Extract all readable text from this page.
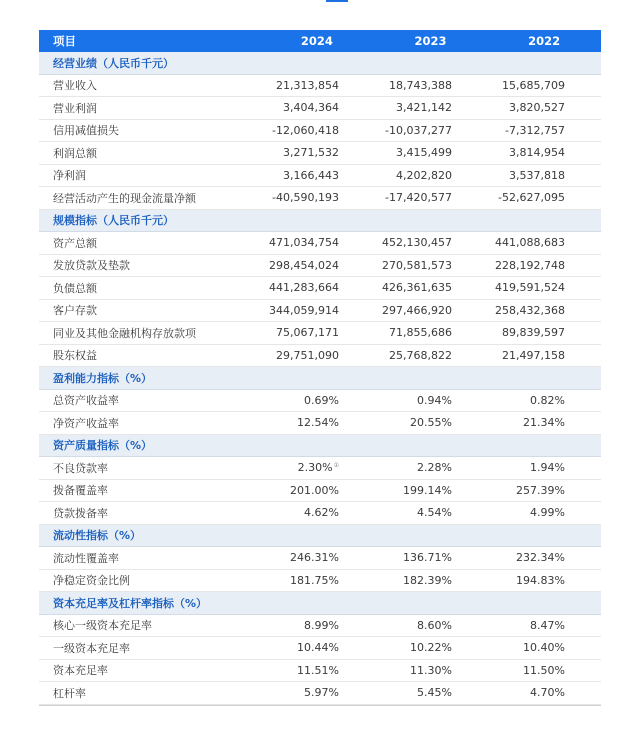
项目	2024	2023	2022
经营业绩（人民币千元）
营业收入	21,313,854	18,743,388	15,685,709
营业利润	3,404,364	3,421,142	3,820,527
信用减值损失	-12,060,418	-10,037,277	-7,312,757
利润总额	3,271,532	3,415,499	3,814,954
净利润	3,166,443	4,202,820	3,537,818
经营活动产生的现金流量净额	-40,590,193	-17,420,577	-52,627,095
规模指标（人民币千元）
资产总额	471,034,754	452,130,457	441,088,683
发放贷款及垫款	298,454,024	270,581,573	228,192,748
负债总额	441,283,664	426,361,635	419,591,524
客户存款	344,059,914	297,466,920	258,432,368
同业及其他金融机构存放款项	75,067,171	71,855,686	89,839,597
股东权益	29,751,090	25,768,822	21,497,158
盈利能力指标（%）
总资产收益率	0.69%	0.94%	0.82%
净资产收益率	12.54%	20.55%	21.34%
资产质量指标（%）
不良贷款率	2.30%①	2.28%	1.94%
拨备覆盖率	201.00%	199.14%	257.39%
贷款拨备率	4.62%	4.54%	4.99%
流动性指标（%）
流动性覆盖率	246.31%	136.71%	232.34%
净稳定资金比例	181.75%	182.39%	194.83%
资本充足率及杠杆率指标（%）
核心一级资本充足率	8.99%	8.60%	8.47%
一级资本充足率	10.44%	10.22%	10.40%
资本充足率	11.51%	11.30%	11.50%
杠杆率	5.97%	5.45%	4.70%
